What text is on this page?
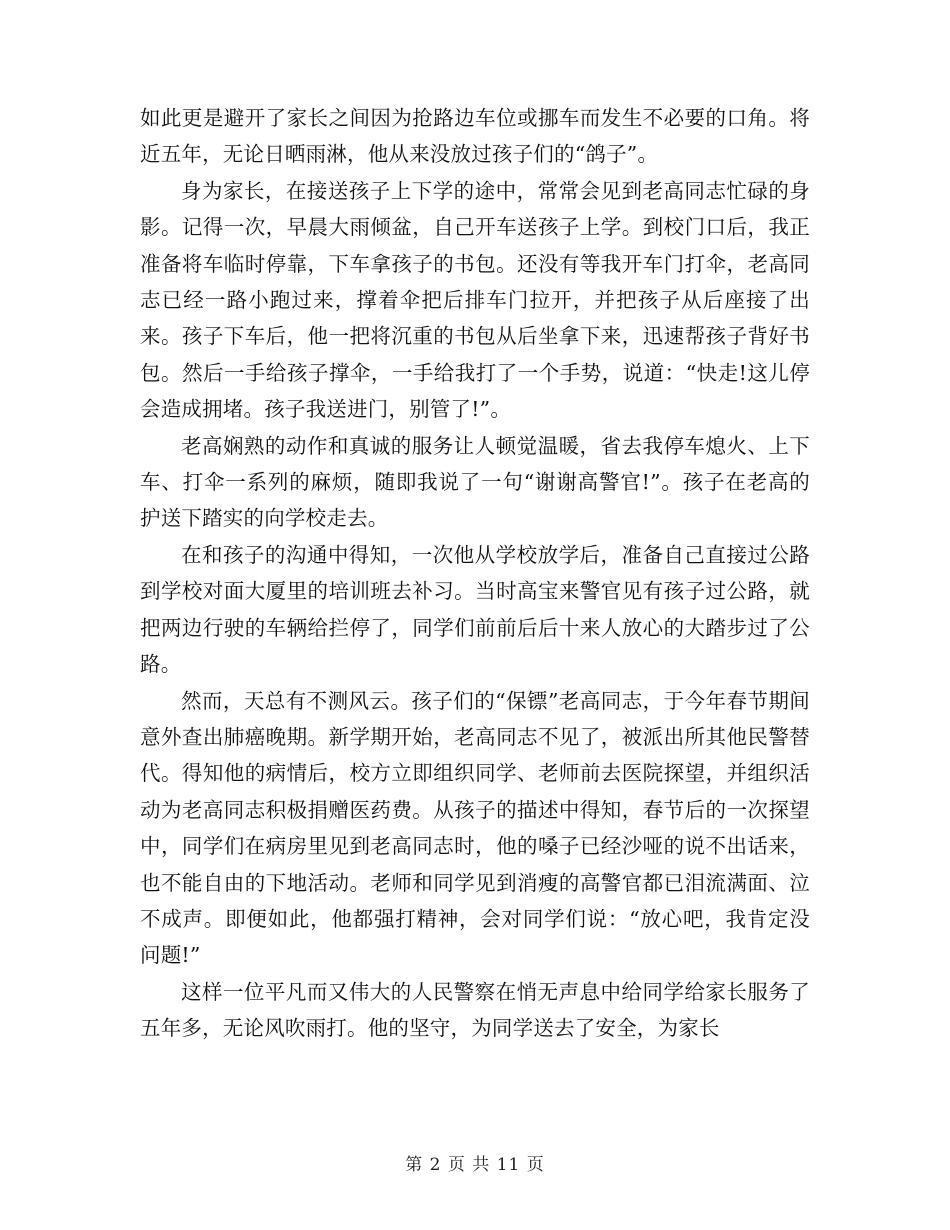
如此更是避开了家长之间因为抢路边车位或挪车而发生不必要的口角。将近五年，无论日晒雨淋，他从来没放过孩子们的“鸽子”。

身为家长，在接送孩子上下学的途中，常常会见到老高同志忙碌的身影。记得一次，早晨大雨倾盆，自己开车送孩子上学。到校门口后，我正准备将车临时停靠，下车拿孩子的书包。还没有等我开车门打伞，老高同志已经一路小跑过来，撑着伞把后排车门拉开，并把孩子从后座接了出来。孩子下车后，他一把将沉重的书包从后坐拿下来，迅速帮孩子背好书包。然后一手给孩子撑伞，一手给我打了一个手势，说道：“快走!这儿停会造成拥堵。孩子我送进门，别管了!”。

老高娴熟的动作和真诚的服务让人顿觉温暖，省去我停车熄火、上下车、打伞一系列的麻烦，随即我说了一句“谢谢高警官!”。孩子在老高的护送下踏实的向学校走去。

在和孩子的沟通中得知，一次他从学校放学后，准备自己直接过公路到学校对面大厦里的培训班去补习。当时高宝来警官见有孩子过公路，就把两边行驶的车辆给拦停了，同学们前前后后十来人放心的大踏步过了公路。

然而，天总有不测风云。孩子们的“保镖”老高同志，于今年春节期间意外查出肺癌晚期。新学期开始，老高同志不见了，被派出所其他民警替代。得知他的病情后，校方立即组织同学、老师前去医院探望，并组织活动为老高同志积极捐赠医药费。从孩子的描述中得知，春节后的一次探望中，同学们在病房里见到老高同志时，他的嗓子已经沙哑的说不出话来，也不能自由的下地活动。老师和同学见到消瘦的高警官都已泪流满面、泣不成声。即便如此，他都强打精神，会对同学们说：“放心吧，我肯定没问题!”

这样一位平凡而又伟大的人民警察在悄无声息中给同学给家长服务了五年多，无论风吹雨打。他的坚守，为同学送去了安全，为家长

第 2 页 共 11 页
